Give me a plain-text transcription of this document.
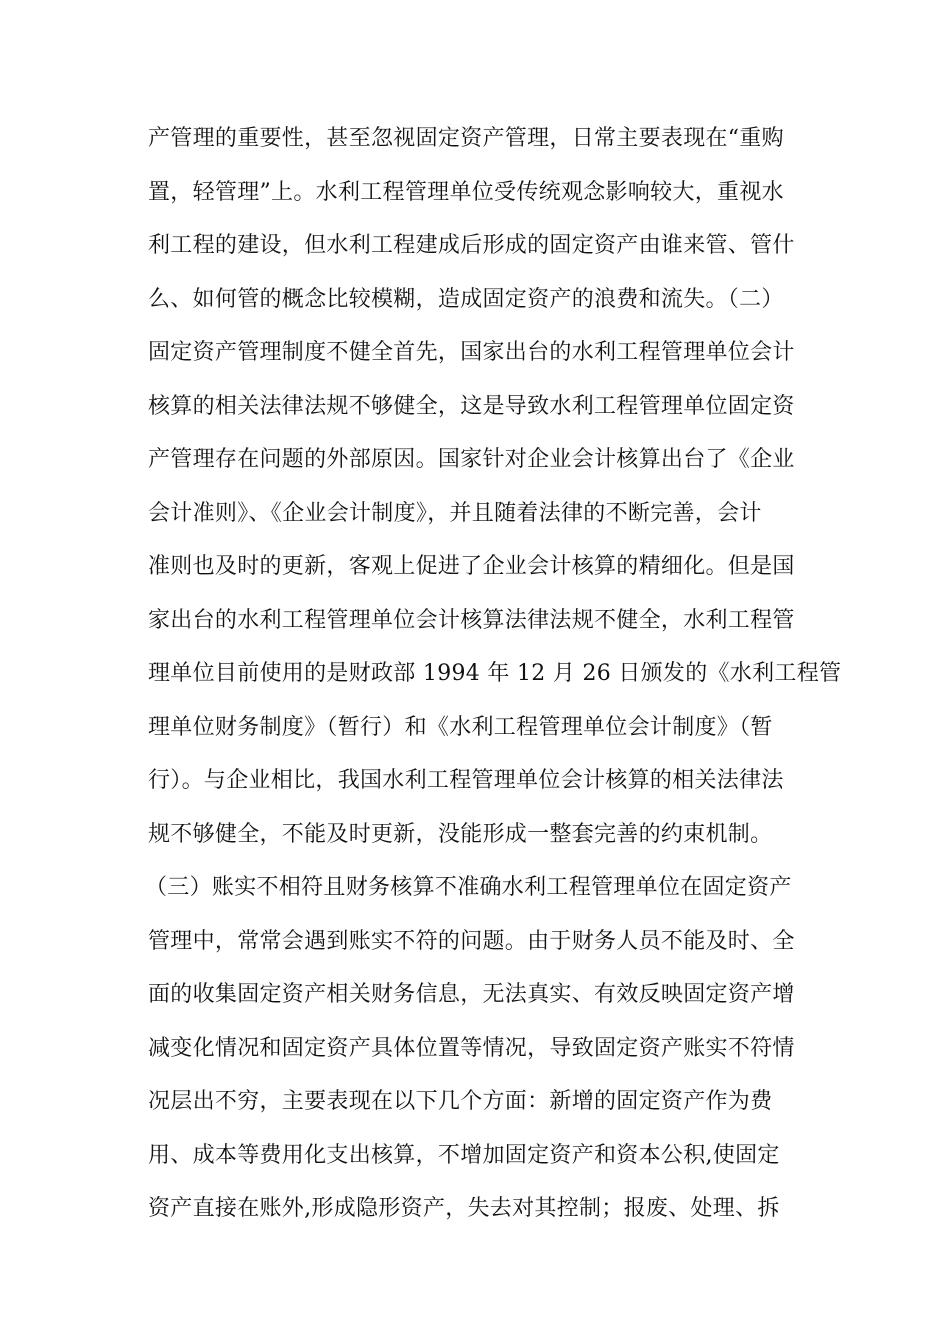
产管理的重要性，甚至忽视固定资产管理，日常主要表现在“重购
置，轻管理”上。水利工程管理单位受传统观念影响较大，重视水
利工程的建设，但水利工程建成后形成的固定资产由谁来管、管什
么、如何管的概念比较模糊，造成固定资产的浪费和流失。（二）
固定资产管理制度不健全首先，国家出台的水利工程管理单位会计
核算的相关法律法规不够健全，这是导致水利工程管理单位固定资
产管理存在问题的外部原因。国家针对企业会计核算出台了《企业
会计准则》、《企业会计制度》，并且随着法律的不断完善，会计
准则也及时的更新，客观上促进了企业会计核算的精细化。但是国
家出台的水利工程管理单位会计核算法律法规不健全，水利工程管
理单位目前使用的是财政部 1994 年 12 月 26 日颁发的《水利工程管
理单位财务制度》（暂行）和《水利工程管理单位会计制度》（暂
行）。与企业相比，我国水利工程管理单位会计核算的相关法律法
规不够健全，不能及时更新，没能形成一整套完善的约束机制。
（三）账实不相符且财务核算不准确水利工程管理单位在固定资产
管理中，常常会遇到账实不符的问题。由于财务人员不能及时、全
面的收集固定资产相关财务信息，无法真实、有效反映固定资产增
减变化情况和固定资产具体位置等情况，导致固定资产账实不符情
况层出不穷，主要表现在以下几个方面：新增的固定资产作为费
用、成本等费用化支出核算，不增加固定资产和资本公积,使固定
资产直接在账外,形成隐形资产，失去对其控制；报废、处理、拆
